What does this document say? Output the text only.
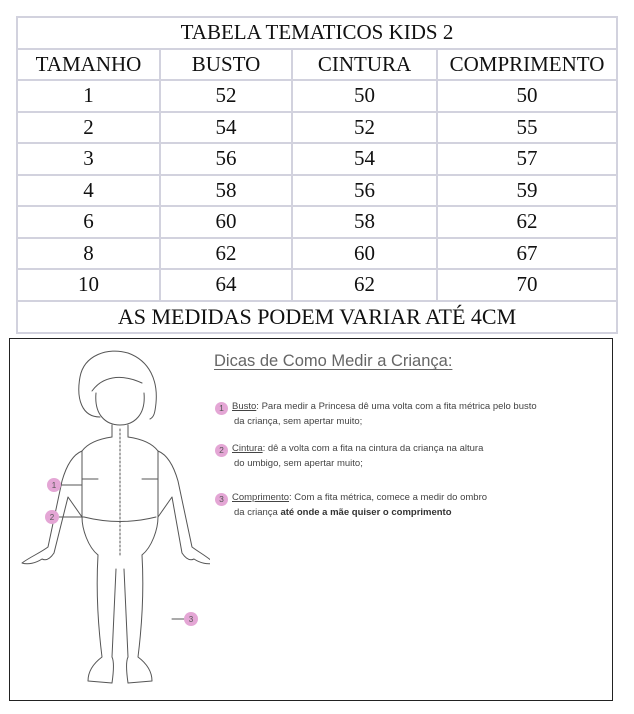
TABELA TEMATICOS KIDS 2			
TAMANHO	BUSTO	CINTURA	COMPRIMENTO
1	52	50	50
2	54	52	55
3	56	54	57
4	58	56	59
6	60	58	62
8	62	60	67
10	64	62	70
AS MEDIDAS PODEM VARIAR ATÉ 4CM			
1
2
3
Dicas de Como Medir a Criança:
1 Busto: Para medir a Princesa dê uma volta com a fita métrica pelo busto
da criança, sem apertar muito;
2 Cintura: dê a volta com a fita na cintura da criança na altura
do umbigo, sem apertar muito;
3 Comprimento: Com a fita métrica, comece a medir do ombro
da criança até onde a mãe quiser o comprimento
